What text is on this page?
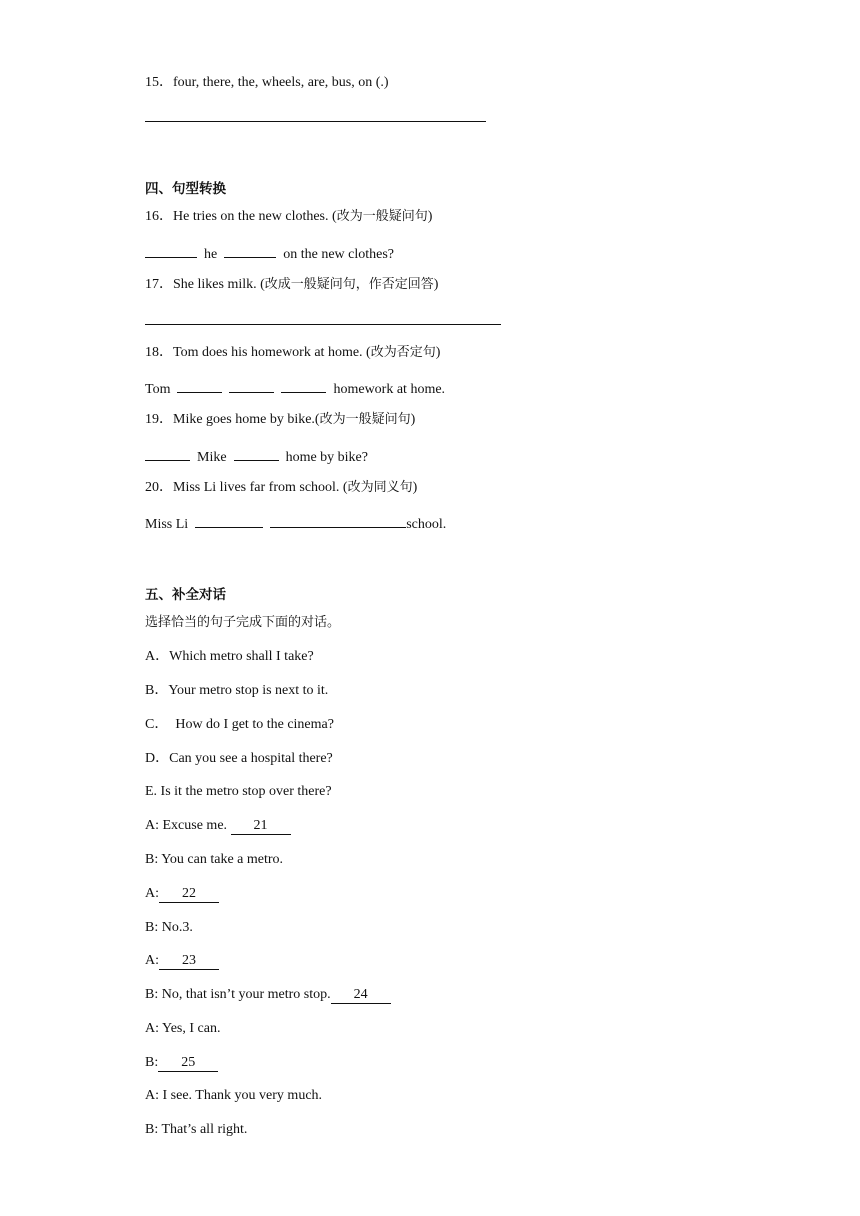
15．four, there, the, wheels, are, bus, on (.)
四、句型转换
16．He tries on the new clothes. (改为一般疑问句)
he	on the new clothes?
17．She likes milk. (改成一般疑问句，作否定回答)
18．Tom does his homework at home. (改为否定句)
Tom	homework at home.
19．Mike goes home by bike.(改为一般疑问句)
Mike	home by bike?
20．Miss Li lives far from school. (改为同义句)
Miss Li	school.
五、补全对话
选择恰当的句子完成下面的对话。
A．Which metro shall I take?
B．Your metro stop is next to it.
C．  How do I get to the cinema?
D．Can you see a hospital there?
E. Is it the metro stop over there?
A: Excuse me. 21
B: You can take a metro.
A: 22
B: No.3.
A: 23
B: No, that isn’t your metro stop. 24
A: Yes, I can.
B: 25
A: I see. Thank you very much.
B: That’s all right.
